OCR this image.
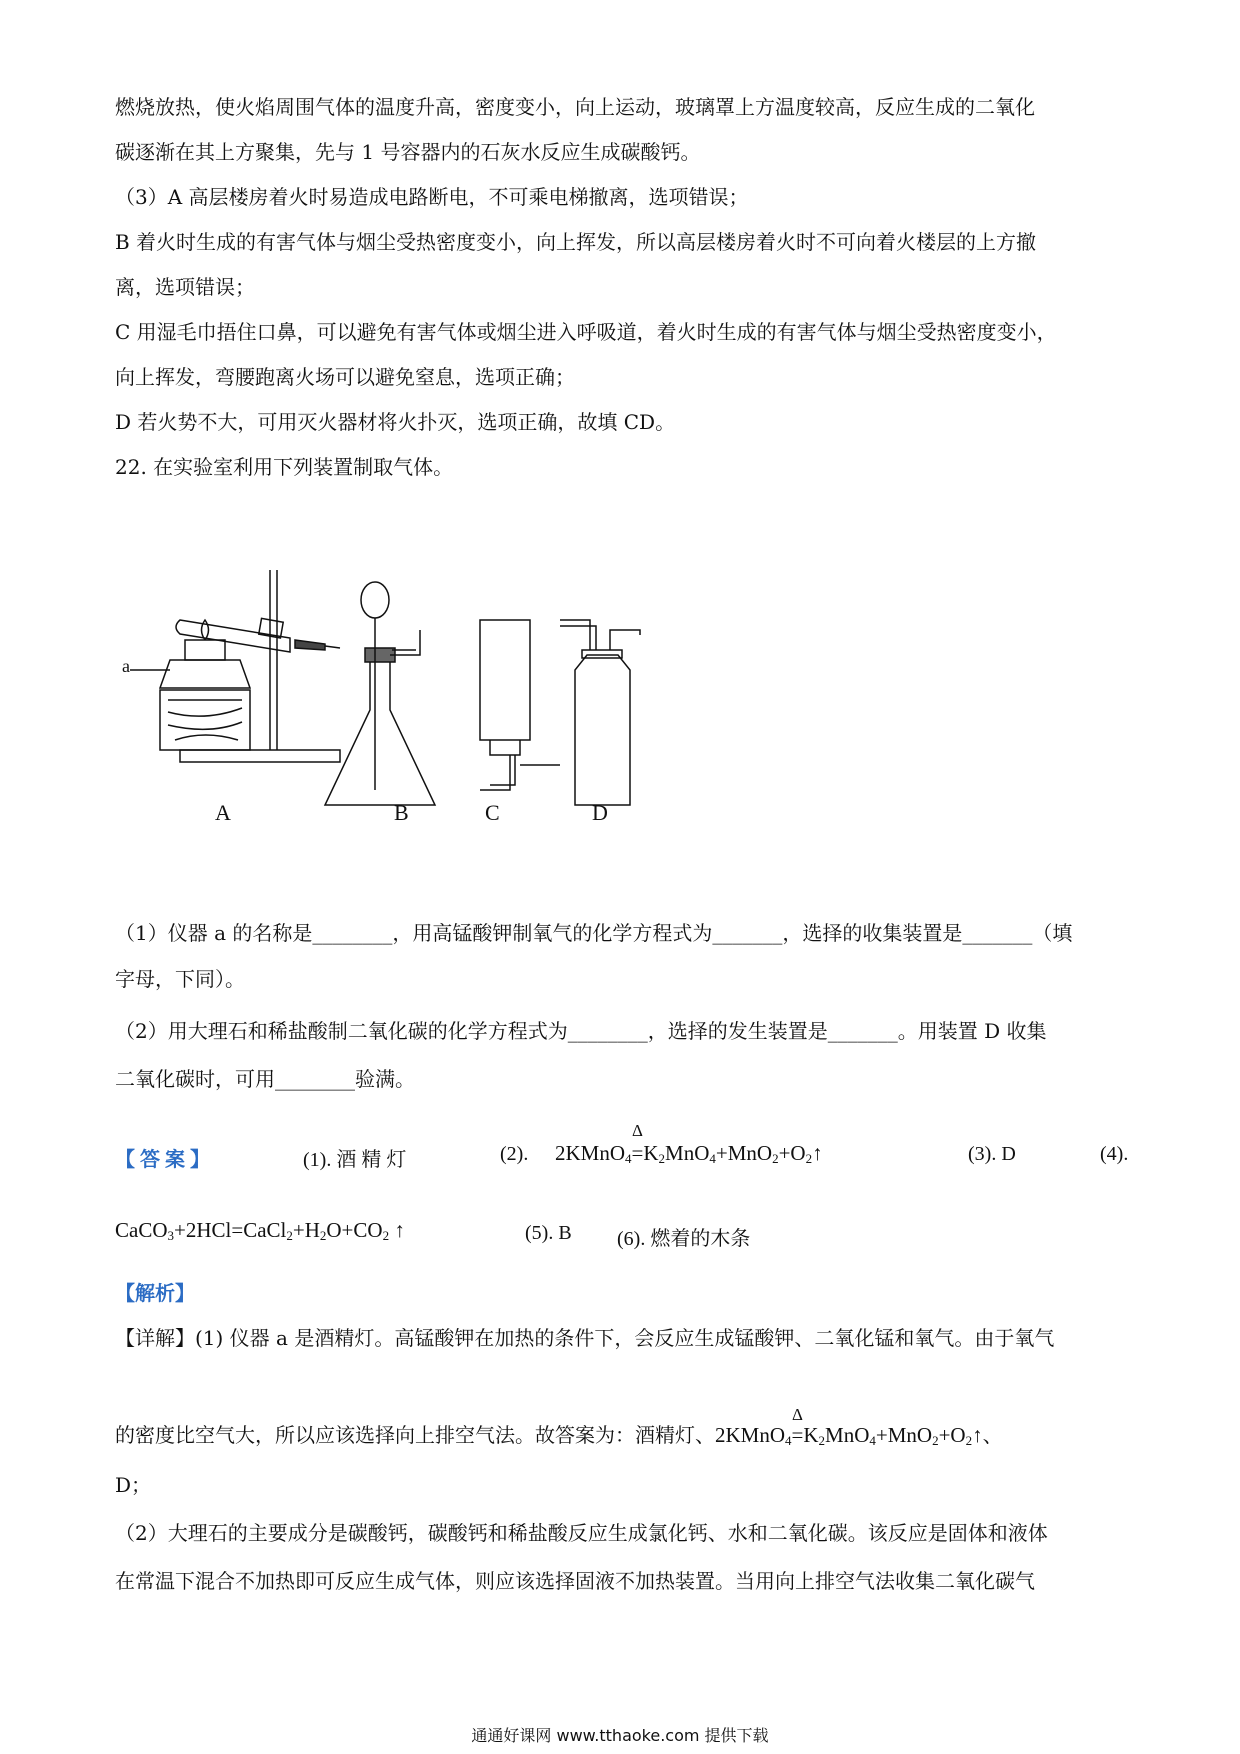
燃烧放热，使火焰周围气体的温度升高，密度变小，向上运动，玻璃罩上方温度较高，反应生成的二氧化
碳逐渐在其上方聚集，先与 1 号容器内的石灰水反应生成碳酸钙。
（3）A 高层楼房着火时易造成电路断电，不可乘电梯撤离，选项错误；
B 着火时生成的有害气体与烟尘受热密度变小，向上挥发，所以高层楼房着火时不可向着火楼层的上方撤
离，选项错误；
C 用湿毛巾捂住口鼻，可以避免有害气体或烟尘进入呼吸道，着火时生成的有害气体与烟尘受热密度变小，
向上挥发，弯腰跑离火场可以避免窒息，选项正确；
D 若火势不大，可用灭火器材将火扑灭，选项正确，故填 CD。
22. 在实验室利用下列装置制取气体。
a
A	B	C	D
（1）仪器 a 的名称是________，用高锰酸钾制氧气的化学方程式为_______，选择的收集装置是_______（填
字母，下同）。
（2）用大理石和稀盐酸制二氧化碳的化学方程式为________，选择的发生装置是_______。用装置 D 收集
二氧化碳时，可用________验满。
【 答 案 】	(1). 酒 精 灯	(2). 2KMnO$_4$
Δ
$=K_2MnO_4+MnO_2+O_2↑$	(3). D	(4).
$CaCO_3+2HCl=CaCl_2+H_2O+CO_2$ ↑	(5). B (6). 燃着的木条
【解析】
【详解】(1) 仪器 a 是酒精灯。高锰酸钾在加热的条件下，会反应生成锰酸钾、二氧化锰和氧气。由于氧气
的密度比空气大，所以应该选择向上排空气法。故答案为：酒精灯、2KMnO$_4$
Δ
$=K_2MnO_4+MnO_2+O_2↑$、
D；
（2）大理石的主要成分是碳酸钙，碳酸钙和稀盐酸反应生成氯化钙、水和二氧化碳。该反应是固体和液体
在常温下混合不加热即可反应生成气体，则应该选择固液不加热装置。当用向上排空气法收集二氧化碳气
通通好课网 www.tthaoke.com 提供下载
